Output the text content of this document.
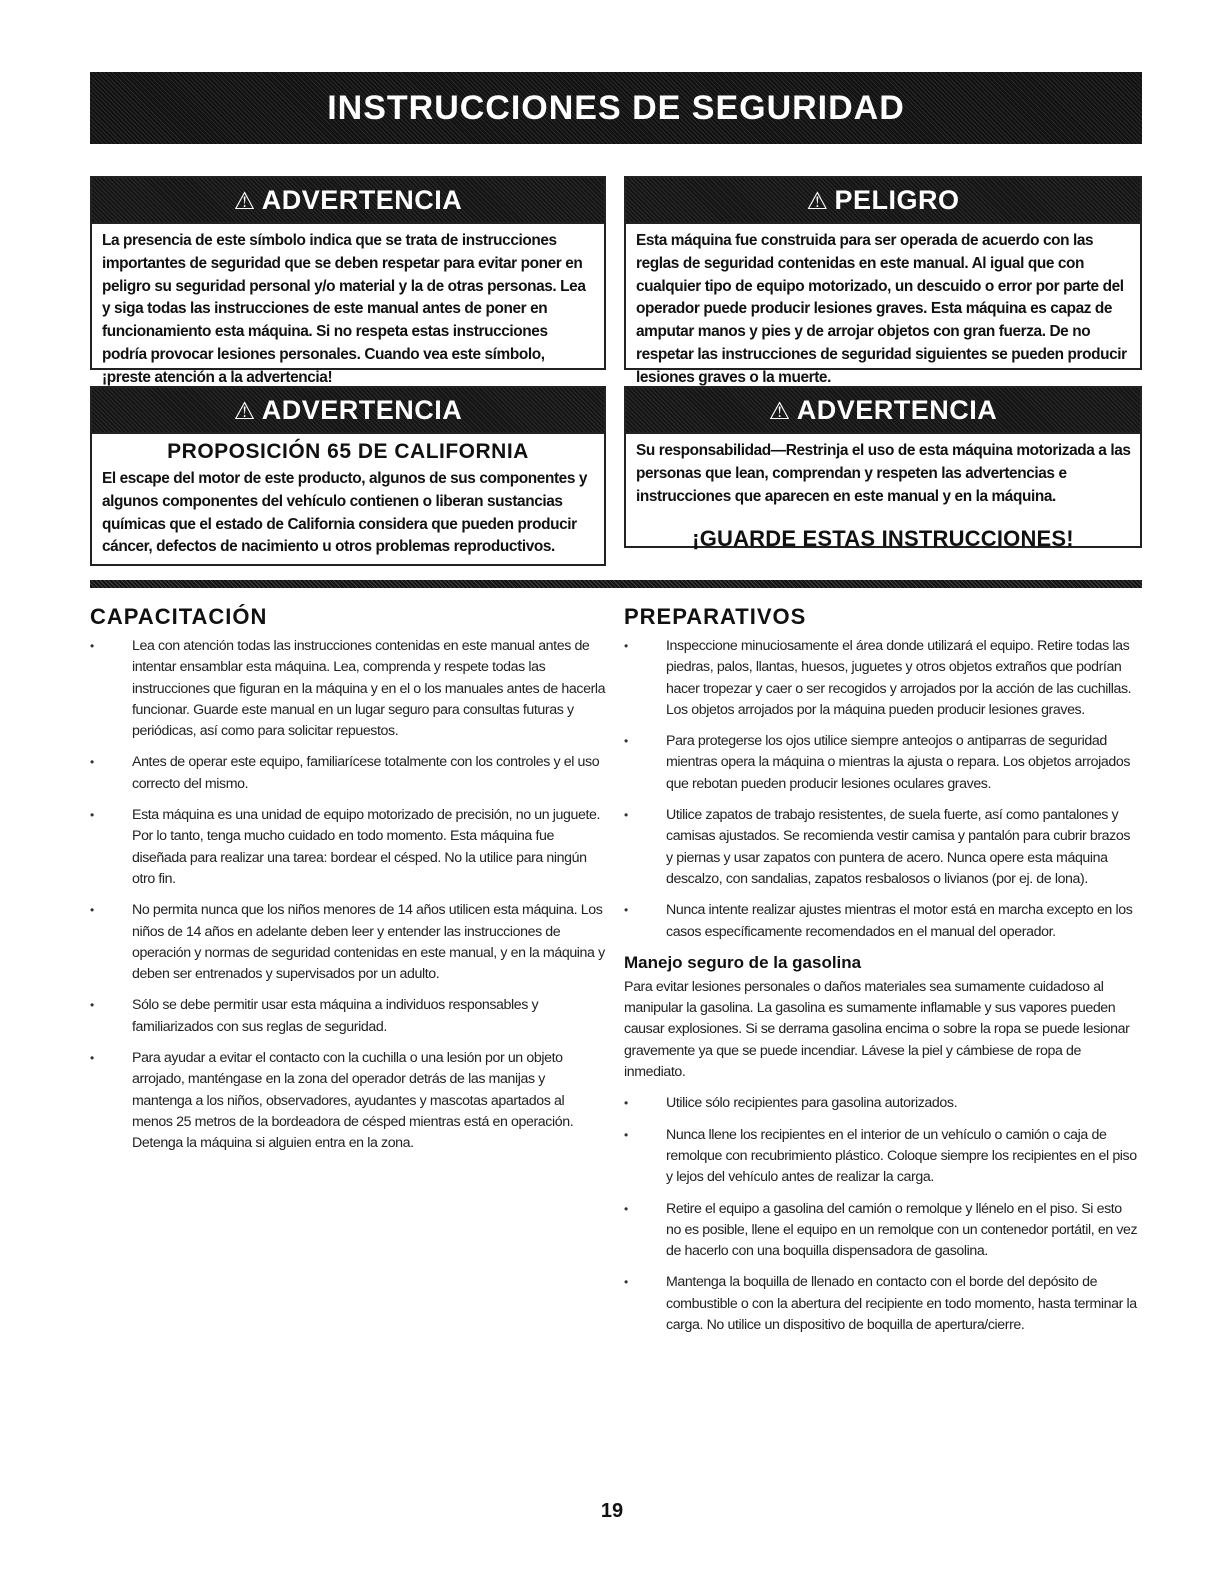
INSTRUCCIONES DE SEGURIDAD
⚠ ADVERTENCIA
La presencia de este símbolo indica que se trata de instrucciones importantes de seguridad que se deben respetar para evitar poner en peligro su seguridad personal y/o material y la de otras personas. Lea y siga todas las instrucciones de este manual antes de poner en funcionamiento esta máquina. Si no respeta estas instrucciones podría provocar lesiones personales. Cuando vea este símbolo, ¡preste atención a la advertencia!
⚠ PELIGRO
Esta máquina fue construida para ser operada de acuerdo con las reglas de seguridad contenidas en este manual. Al igual que con cualquier tipo de equipo motorizado, un descuido o error por parte del operador puede producir lesiones graves. Esta máquina es capaz de amputar manos y pies y de arrojar objetos con gran fuerza. De no respetar las instrucciones de seguridad siguientes se pueden producir lesiones graves o la muerte.
⚠ ADVERTENCIA
PROPOSICIÓN 65 DE CALIFORNIA
El escape del motor de este producto, algunos de sus componentes y algunos componentes del vehículo contienen o liberan sustancias químicas que el estado de California considera que pueden producir cáncer, defectos de nacimiento u otros problemas reproductivos.
⚠ ADVERTENCIA
Su responsabilidad—Restrinja el uso de esta máquina motorizada a las personas que lean, comprendan y respeten las advertencias e instrucciones que aparecen en este manual y en la máquina.
¡GUARDE ESTAS INSTRUCCIONES!
CAPACITACIÓN
• Lea con atención todas las instrucciones contenidas en este manual antes de intentar ensamblar esta máquina. Lea, comprenda y respete todas las instrucciones que figuran en la máquina y en el o los manuales antes de hacerla funcionar. Guarde este manual en un lugar seguro para consultas futuras y periódicas, así como para solicitar repuestos.
• Antes de operar este equipo, familiarícese totalmente con los controles y el uso correcto del mismo.
• Esta máquina es una unidad de equipo motorizado de precisión, no un juguete. Por lo tanto, tenga mucho cuidado en todo momento. Esta máquina fue diseñada para realizar una tarea: bordear el césped. No la utilice para ningún otro fin.
• No permita nunca que los niños menores de 14 años utilicen esta máquina. Los niños de 14 años en adelante deben leer y entender las instrucciones de operación y normas de seguridad contenidas en este manual, y en la máquina y deben ser entrenados y supervisados por un adulto.
• Sólo se debe permitir usar esta máquina a individuos responsables y familiarizados con sus reglas de seguridad.
• Para ayudar a evitar el contacto con la cuchilla o una lesión por un objeto arrojado, manténgase en la zona del operador detrás de las manijas y mantenga a los niños, observadores, ayudantes y mascotas apartados al menos 25 metros de la bordeadora de césped mientras está en operación. Detenga la máquina si alguien entra en la zona.
PREPARATIVOS
• Inspeccione minuciosamente el área donde utilizará el equipo. Retire todas las piedras, palos, llantas, huesos, juguetes y otros objetos extraños que podrían hacer tropezar y caer o ser recogidos y arrojados por la acción de las cuchillas. Los objetos arrojados por la máquina pueden producir lesiones graves.
• Para protegerse los ojos utilice siempre anteojos o antiparras de seguridad mientras opera la máquina o mientras la ajusta o repara. Los objetos arrojados que rebotan pueden producir lesiones oculares graves.
• Utilice zapatos de trabajo resistentes, de suela fuerte, así como pantalones y camisas ajustados. Se recomienda vestir camisa y pantalón para cubrir brazos y piernas y usar zapatos con puntera de acero. Nunca opere esta máquina descalzo, con sandalias, zapatos resbalosos o livianos (por ej. de lona).
• Nunca intente realizar ajustes mientras el motor está en marcha excepto en los casos específicamente recomendados en el manual del operador.
Manejo seguro de la gasolina

Para evitar lesiones personales o daños materiales sea sumamente cuidadoso al manipular la gasolina. La gasolina es sumamente inflamable y sus vapores pueden causar explosiones. Si se derrama gasolina encima o sobre la ropa se puede lesionar gravemente ya que se puede incendiar. Lávese la piel y cámbiese de ropa de inmediato.

• Utilice sólo recipientes para gasolina autorizados.
• Nunca llene los recipientes en el interior de un vehículo o camión o caja de remolque con recubrimiento plástico. Coloque siempre los recipientes en el piso y lejos del vehículo antes de realizar la carga.
• Retire el equipo a gasolina del camión o remolque y llénelo en el piso. Si esto no es posible, llene el equipo en un remolque con un contenedor portátil, en vez de hacerlo con una boquilla dispensadora de gasolina.
• Mantenga la boquilla de llenado en contacto con el borde del depósito de combustible o con la abertura del recipiente en todo momento, hasta terminar la carga. No utilice un dispositivo de boquilla de apertura/cierre.
19
